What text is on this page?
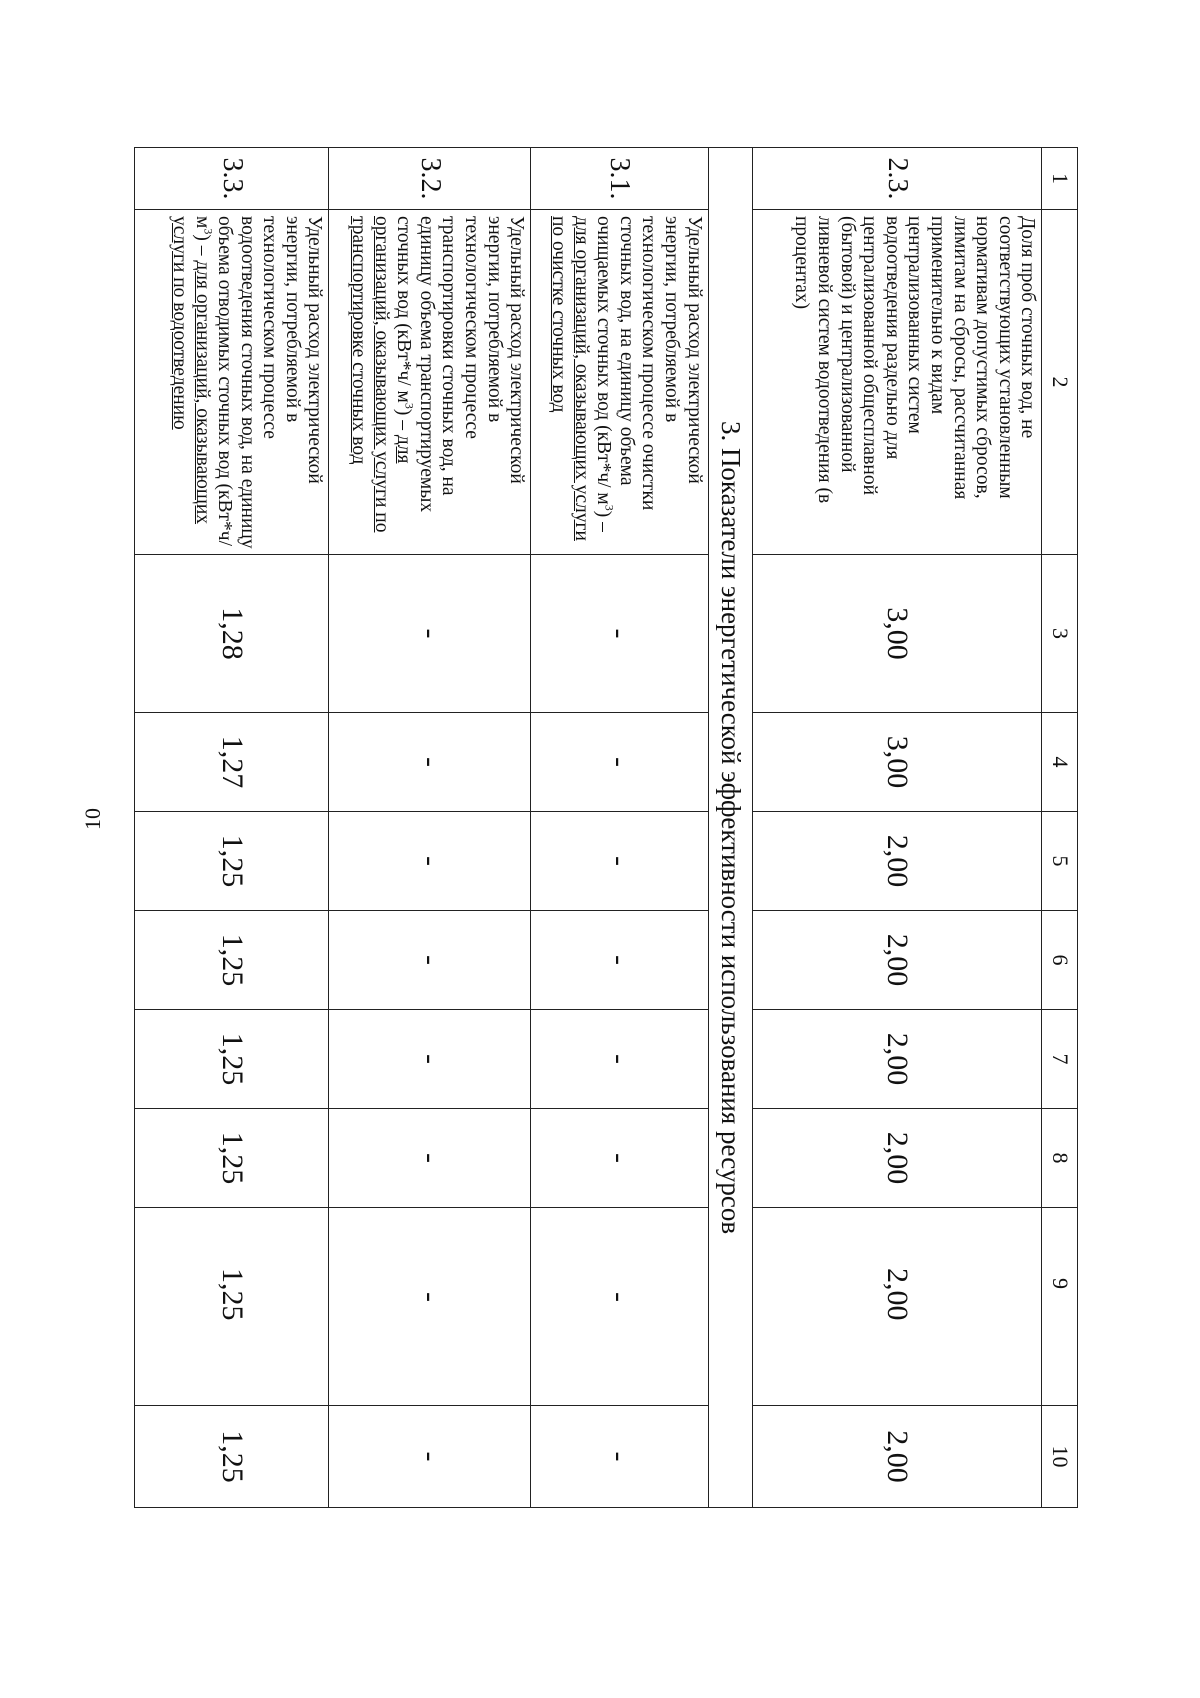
10
1	2	3	4	5	6	7	8	9	10
2.3.	Доля проб сточных вод, не соответствующих установленным нормативам допустимых сбросов, лимитам на сбросы, рассчитанная применительно к видам централизованных систем водоотведения раздельно для централизованной общесплавной (бытовой) и централизованной ливневой систем водоотведения (в процентах)	3,00	3,00	2,00	2,00	2,00	2,00	2,00	2,00
3. Показатели энергетической эффективности использования ресурсов									
3.1.	Удельный расход электрической энергии, потребляемой в технологическом процессе очистки сточных вод, на единицу объема очищаемых сточных вод (кВт*ч/ $м^3$) – для организаций, оказывающих услуги по очистке сточных вод	-	-	-	-	-	-	-	-
3.2.	Удельный расход электрической энергии, потребляемой в технологическом процессе транспортировки сточных вод, на единицу объема транспортируемых сточных вод (кВт*ч/ $м^3$) – для организаций, оказывающих услуги по транспортировке сточных вод	-	-	-	-	-	-	-	-
3.3.	Удельный расход электрической энергии, потребляемой в технологическом процессе водоотведения сточных вод, на единицу объема отводимых сточных вод (кВт*ч/ $м^3$) – для организаций, оказывающих услуги по водоотведению	1,28	1,27	1,25	1,25	1,25	1,25	1,25	1,25
